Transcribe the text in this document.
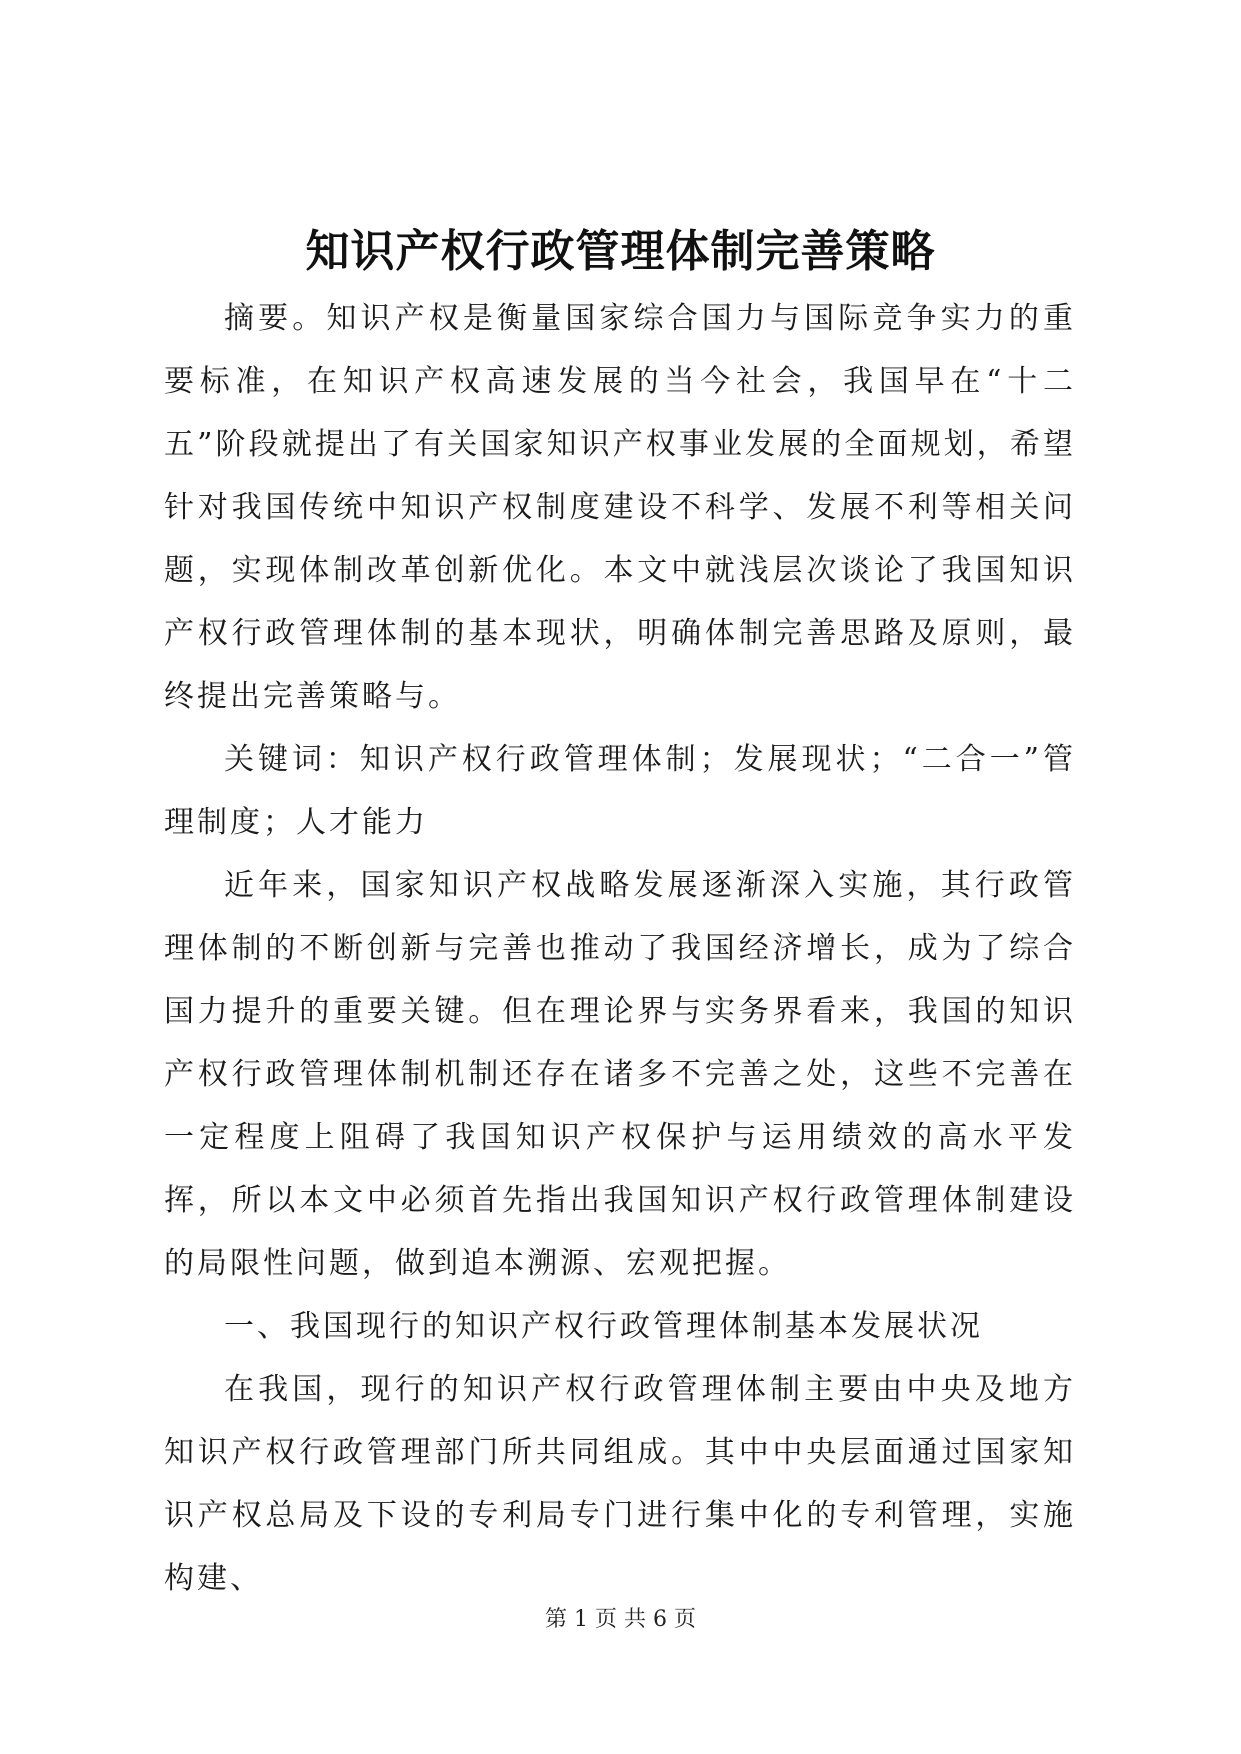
知识产权行政管理体制完善策略

摘要。知识产权是衡量国家综合国力与国际竞争实力的重要标准，在知识产权高速发展的当今社会，我国早在“十二五”阶段就提出了有关国家知识产权事业发展的全面规划，希望针对我国传统中知识产权制度建设不科学、发展不利等相关问题，实现体制改革创新优化。本文中就浅层次谈论了我国知识产权行政管理体制的基本现状，明确体制完善思路及原则，最终提出完善策略与。

关键词：知识产权行政管理体制；发展现状；“二合一”管理制度；人才能力

近年来，国家知识产权战略发展逐渐深入实施，其行政管理体制的不断创新与完善也推动了我国经济增长，成为了综合国力提升的重要关键。但在理论界与实务界看来，我国的知识产权行政管理体制机制还存在诸多不完善之处，这些不完善在一定程度上阻碍了我国知识产权保护与运用绩效的高水平发挥，所以本文中必须首先指出我国知识产权行政管理体制建设的局限性问题，做到追本溯源、宏观把握。

一、我国现行的知识产权行政管理体制基本发展状况

在我国，现行的知识产权行政管理体制主要由中央及地方知识产权行政管理部门所共同组成。其中中央层面通过国家知识产权总局及下设的专利局专门进行集中化的专利管理，实施构建、

第 1 页 共 6 页
